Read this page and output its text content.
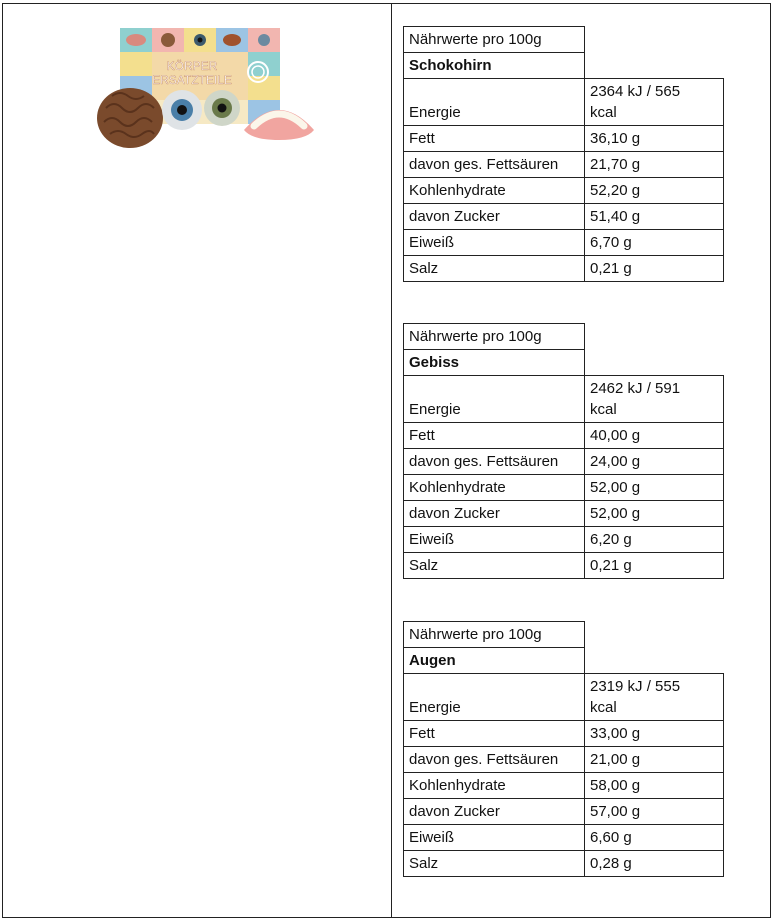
KÖRPER
ERSATZTEILE
Nährwerte pro 100g	
Schokohirn	
Energie	2364 kJ / 565
kcal
Fett	36,10 g
davon ges. Fettsäuren	21,70 g
Kohlenhydrate	52,20 g
davon Zucker	51,40 g
Eiweiß	6,70 g
Salz	0,21 g
Nährwerte pro 100g	
Gebiss	
Energie	2462 kJ / 591
kcal
Fett	40,00 g
davon ges. Fettsäuren	24,00 g
Kohlenhydrate	52,00 g
davon Zucker	52,00 g
Eiweiß	6,20 g
Salz	0,21 g
Nährwerte pro 100g	
Augen	
Energie	2319 kJ / 555
kcal
Fett	33,00 g
davon ges. Fettsäuren	21,00 g
Kohlenhydrate	58,00 g
davon Zucker	57,00 g
Eiweiß	6,60 g
Salz	0,28 g
